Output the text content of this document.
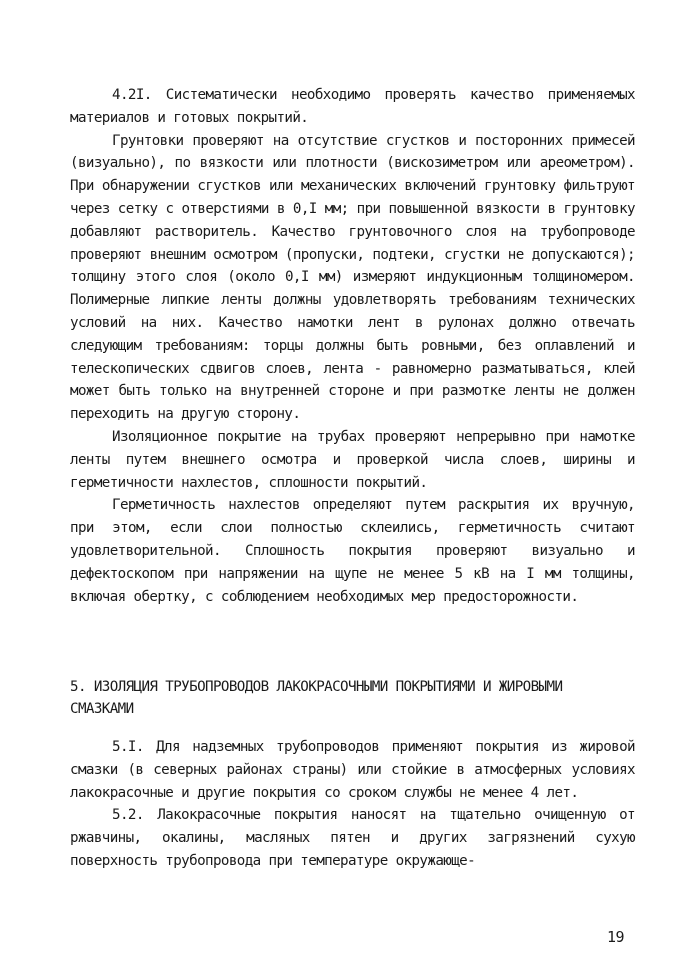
4.2I. Систематически необходимо проверять качество применяемых материалов и готовых покрытий.
Грунтовки проверяют на отсутствие сгустков и посторонних примесей (визуально), по вязкости или плотности (вискозиметром или ареометром). При обнаружении сгустков или механических включений грунтовку фильтруют через сетку с отверстиями в 0,I мм; при повышенной вязкости в грунтовку добавляют растворитель. Качество грунтовочного слоя на трубопроводе проверяют внешним осмотром (пропуски, подтеки, сгустки не допускаются); толщину этого слоя (около 0,I мм) измеряют индукционным толщиномером. Полимерные липкие ленты должны удовлетворять требованиям технических условий на них. Качество намотки лент в рулонах должно отвечать следующим требованиям: торцы должны быть ровными, без оплавлений и телескопических сдвигов слоев, лента - равномерно разматываться, клей может быть только на внутренней стороне и при размотке ленты не должен переходить на другую сторону.
Изоляционное покрытие на трубах проверяют непрерывно при намотке ленты путем внешнего осмотра и проверкой числа слоев, ширины и герметичности нахлестов, сплошности покрытий.
Герметичность нахлестов определяют путем раскрытия их вручную, при этом, если слои полностью склеились, герметичность считают удовлетворительной. Сплошность покрытия проверяют визуально и дефектоскопом при напряжении на щупе не менее 5 кВ на I мм толщины, включая обертку, с соблюдением необходимых мер предосторожности.
5. ИЗОЛЯЦИЯ ТРУБОПРОВОДОВ ЛАКОКРАСОЧНЫМИ ПОКРЫТИЯМИ И ЖИРОВЫМИ СМАЗКАМИ
5.I. Для надземных трубопроводов применяют покрытия из жировой смазки (в северных районах страны) или стойкие в атмосферных условиях лакокрасочные и другие покрытия со сроком службы не менее 4 лет.
5.2. Лакокрасочные покрытия наносят на тщательно очищенную от ржавчины, окалины, масляных пятен и других загрязнений сухую поверхность трубопровода при температуре окружающе-
19
